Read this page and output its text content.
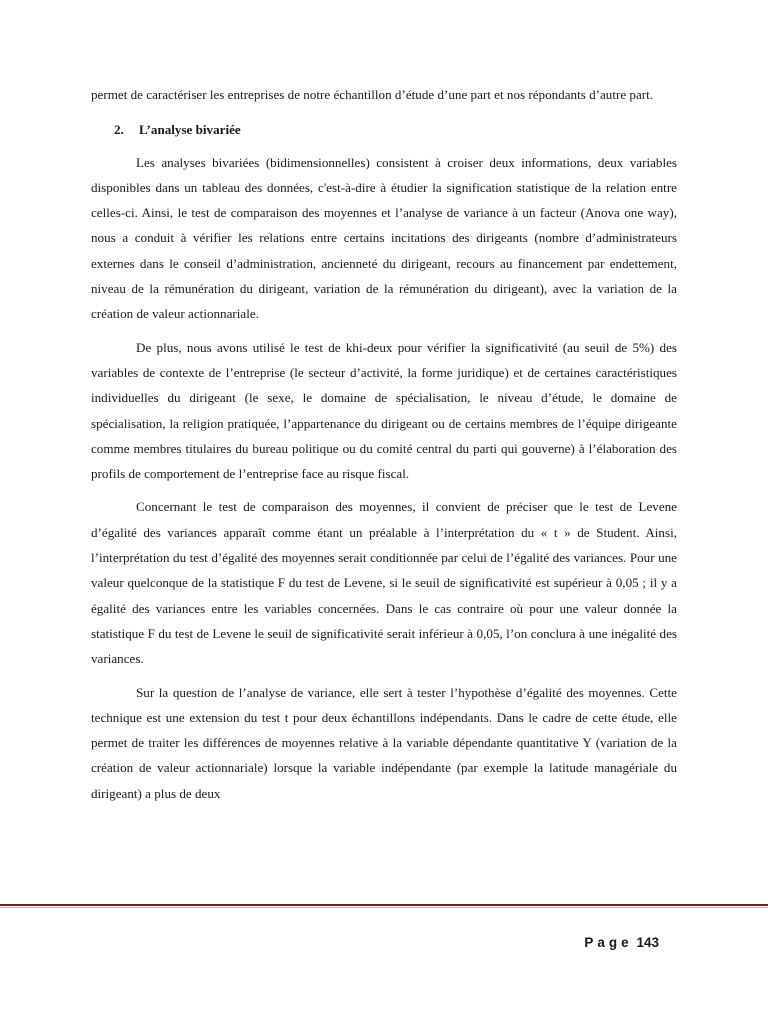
permet de caractériser les entreprises de notre échantillon d’étude d’une part et nos répondants d’autre part.

2. L’analyse bivariée

Les analyses bivariées (bidimensionnelles) consistent à croiser deux informations, deux variables disponibles dans un tableau des données, c'est-à-dire à étudier la signification statistique de la relation entre celles-ci. Ainsi, le test de comparaison des moyennes et l’analyse de variance à un facteur (Anova one way), nous a conduit à vérifier les relations entre certains incitations des dirigeants (nombre d’administrateurs externes dans le conseil d’administration, ancienneté du dirigeant, recours au financement par endettement, niveau de la rémunération du dirigeant, variation de la rémunération du dirigeant), avec la variation de la création de valeur actionnariale.

De plus, nous avons utilisé le test de khi-deux pour vérifier la significativité (au seuil de 5%) des variables de contexte de l’entreprise (le secteur d’activité, la forme juridique) et de certaines caractéristiques individuelles du dirigeant (le sexe, le domaine de spécialisation, le niveau d’étude, le domaine de spécialisation, la religion pratiquée, l’appartenance du dirigeant ou de certains membres de l’équipe dirigeante comme membres titulaires du bureau politique ou du comité central du parti qui gouverne) à l’élaboration des profils de comportement de l’entreprise face au risque fiscal.

Concernant le test de comparaison des moyennes, il convient de préciser que le test de Levene d’égalité des variances apparaît comme étant un préalable à l’interprétation du « t » de Student. Ainsi, l’interprétation du test d’égalité des moyennes serait conditionnée par celui de l’égalité des variances. Pour une valeur quelconque de la statistique F du test de Levene, si le seuil de significativité est supérieur à 0,05 ; il y a égalité des variances entre les variables concernées. Dans le cas contraire où pour une valeur donnée la statistique F du test de Levene le seuil de significativité serait inférieur à 0,05, l’on conclura à une inégalité des variances.

Sur la question de l’analyse de variance, elle sert à tester l’hypothèse d’égalité des moyennes. Cette technique est une extension du test t pour deux échantillons indépendants. Dans le cadre de cette étude, elle permet de traiter les différences de moyennes relative à la variable dépendante quantitative Y (variation de la création de valeur actionnariale) lorsque la variable indépendante (par exemple la latitude managériale du dirigeant) a plus de deux

Page 143
